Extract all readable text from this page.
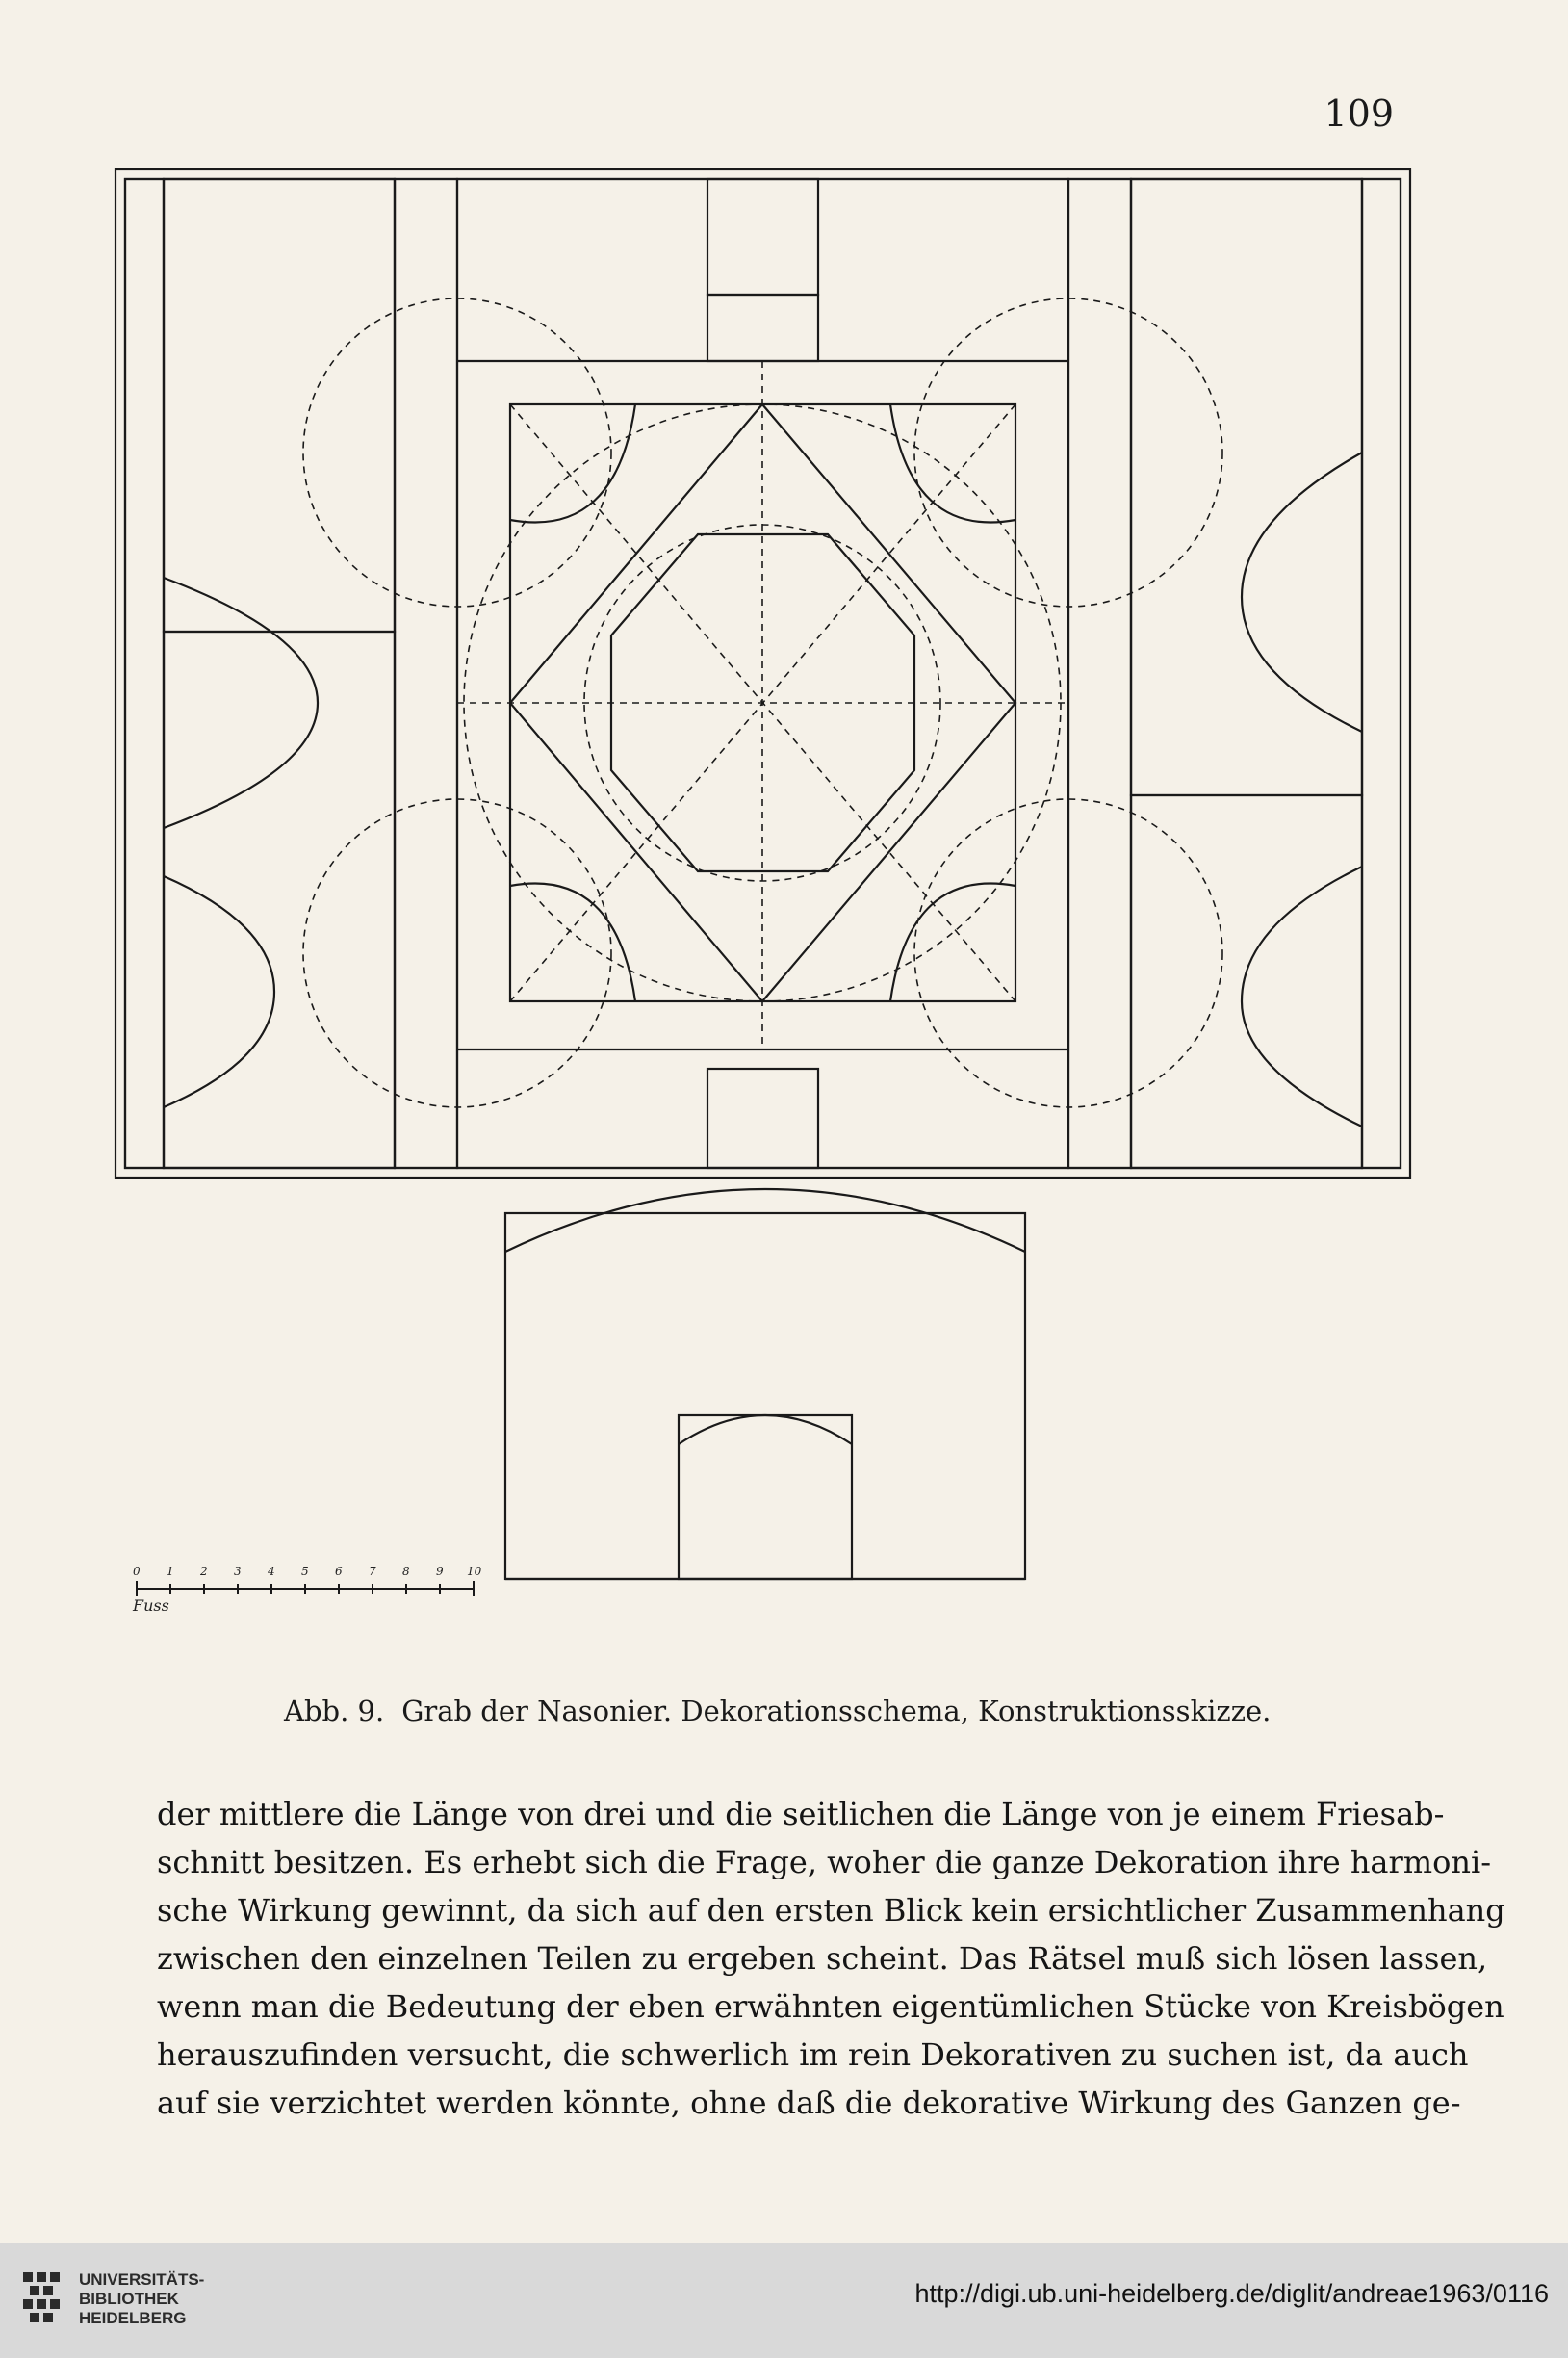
109
0 1 2 3 4 5 6 7 8 9 10
Fuss
Abb. 9. Grab der Nasonier. Dekorationsschema, Konstruktionsskizze.
der mittlere die Länge von drei und die seitlichen die Länge von je einem Friesab-
schnitt besitzen. Es erhebt sich die Frage, woher die ganze Dekoration ihre harmoni-
sche Wirkung gewinnt, da sich auf den ersten Blick kein ersichtlicher Zusammenhang
zwischen den einzelnen Teilen zu ergeben scheint. Das Rätsel muß sich lösen lassen,
wenn man die Bedeutung der eben erwähnten eigentümlichen Stücke von Kreisbögen
herauszufinden versucht, die schwerlich im rein Dekorativen zu suchen ist, da auch
auf sie verzichtet werden könnte, ohne daß die dekorative Wirkung des Ganzen ge-
UNIVERSITÄTS-
BIBLIOTHEK
HEIDELBERG
http://digi.ub.uni-heidelberg.de/diglit/andreae1963/0116
